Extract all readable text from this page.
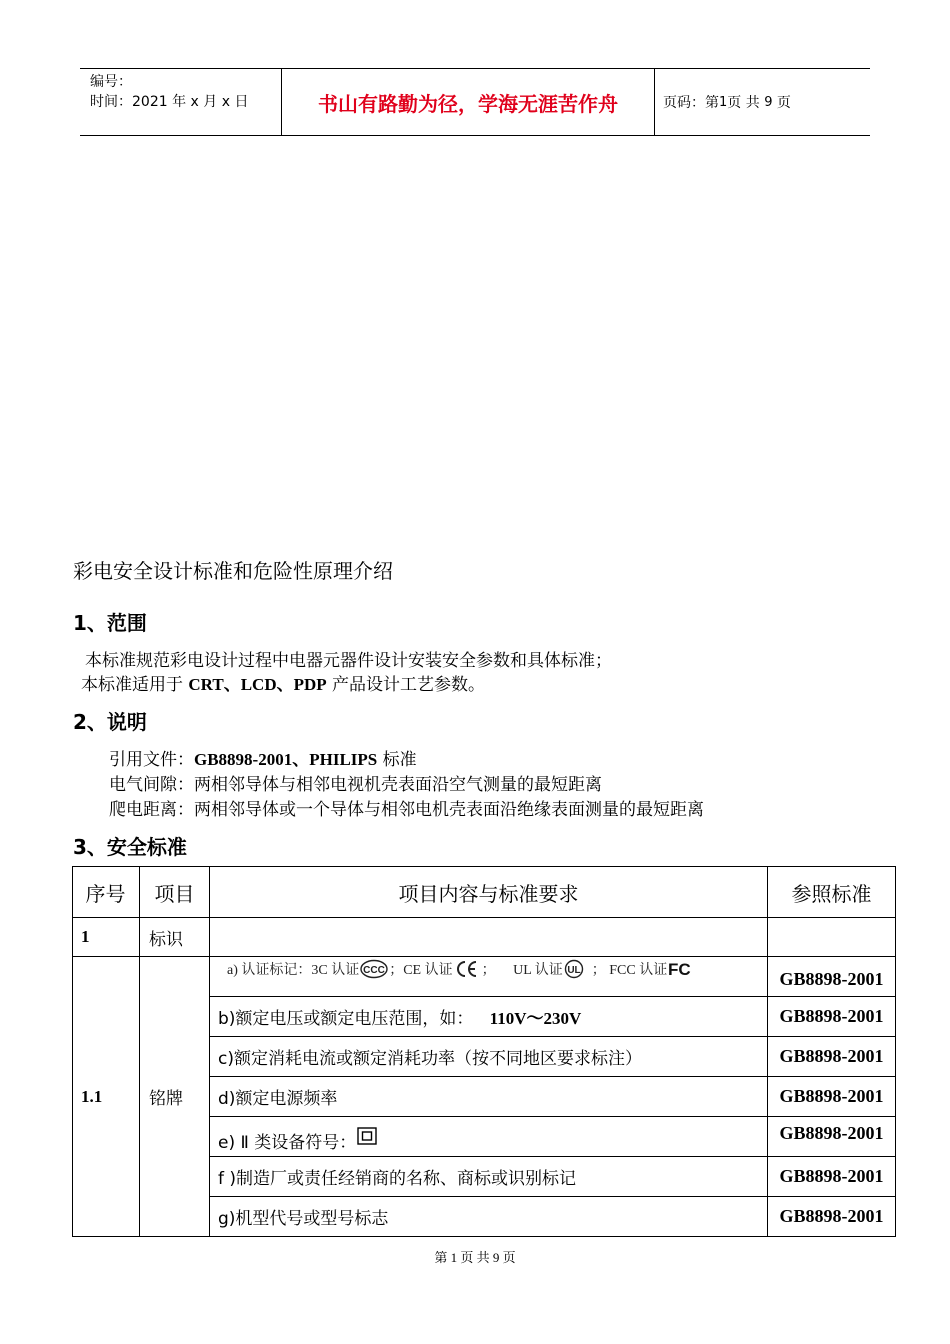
编号：
时间：2021 年 x 月 x 日	书山有路勤为径，学海无涯苦作舟	页码：第 1 页 共
9
页
彩电安全设计标准和危险性原理介绍
1、范围
本标准规范彩电设计过程中电器元器件设计安装安全参数和具体标准；
本标准适用于 CRT、LCD、PDP 产品设计工艺参数。
2、说明
引用文件：GB8898-2001、PHILIPS 标准
电气间隙：两相邻导体与相邻电视机壳表面沿空气测量的最短距离
爬电距离：两相邻导体或一个导体与相邻电机壳表面沿绝缘表面测量的最短距离
3、安全标准
序号	项目	项目内容与标准要求	参照标准
1	标识
1.1	铭牌
a) 认证标记：3C 认证 CCC ；CE 认证

；
UL 认证 UL
； FCC 认证 FC	GB8898-2001
b)额定电压或额定电压范围，如：
110V～230V	GB8898-2001
c)额定消耗电流或额定消耗功率（按不同地区要求标注）	GB8898-2001
d)额定电源频率	GB8898-2001
e) Ⅱ 类设备符号：	GB8898-2001
f )制造厂或责任经销商的名称、商标或识别标记	GB8898-2001
g)机型代号或型号标志	GB8898-2001
第 1 页 共 9 页
